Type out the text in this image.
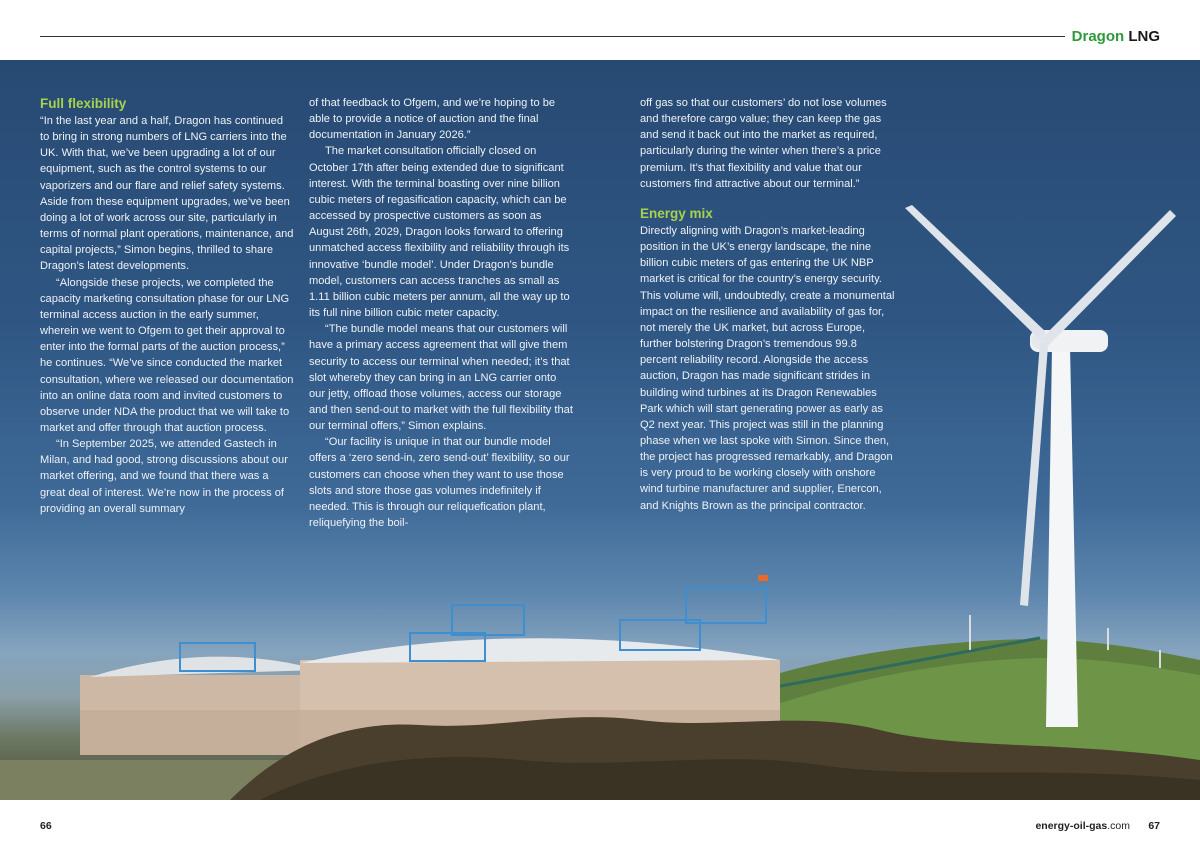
Dragon LNG
Full flexibility

“In the last year and a half, Dragon has continued to bring in strong numbers of LNG carriers into the UK. With that, we’ve been upgrading a lot of our equipment, such as the control systems to our vaporizers and our flare and relief safety systems. Aside from these equipment upgrades, we’ve been doing a lot of work across our site, particularly in terms of normal plant operations, maintenance, and capital projects,” Simon begins, thrilled to share Dragon’s latest developments.

“Alongside these projects, we completed the capacity marketing consultation phase for our LNG terminal access auction in the early summer, wherein we went to Ofgem to get their approval to enter into the formal parts of the auction process,” he continues. “We’ve since conducted the market consultation, where we released our documentation into an online data room and invited customers to observe under NDA the product that we will take to market and offer through that auction process.

“In September 2025, we attended Gastech in Milan, and had good, strong discussions about our market offering, and we found that there was a great deal of interest. We’re now in the process of providing an overall summary

of that feedback to Ofgem, and we’re hoping to be able to provide a notice of auction and the final documentation in January 2026.”

The market consultation officially closed on October 17th after being extended due to significant interest. With the terminal boasting over nine billion cubic meters of regasification capacity, which can be accessed by prospective customers as soon as August 26th, 2029, Dragon looks forward to offering unmatched access flexibility and reliability through its innovative ‘bundle model’. Under Dragon’s bundle model, customers can access tranches as small as 1.11 billion cubic meters per annum, all the way up to its full nine billion cubic meter capacity.

“The bundle model means that our customers will have a primary access agreement that will give them security to access our terminal when needed; it’s that slot whereby they can bring in an LNG carrier onto our jetty, offload those volumes, access our storage and then send-out to market with the full flexibility that our terminal offers,” Simon explains.

“Our facility is unique in that our bundle model offers a ‘zero send-in, zero send-out’ flexibility, so our customers can choose when they want to use those slots and store those gas volumes indefinitely if needed. This is through our reliquefication plant, reliquefying the boil-

off gas so that our customers’ do not lose volumes and therefore cargo value; they can keep the gas and send it back out into the market as required, particularly during the winter when there’s a price premium. It’s that flexibility and value that our customers find attractive about our terminal.”

Energy mix

Directly aligning with Dragon’s market-leading position in the UK’s energy landscape, the nine billion cubic meters of gas entering the UK NBP market is critical for the country’s energy security. This volume will, undoubtedly, create a monumental impact on the resilience and availability of gas for, not merely the UK market, but across Europe, further bolstering Dragon’s tremendous 99.8 percent reliability record. Alongside the access auction, Dragon has made significant strides in building wind turbines at its Dragon Renewables Park which will start generating power as early as Q2 next year. This project was still in the planning phase when we last spoke with Simon. Since then, the project has progressed remarkably, and Dragon is very proud to be working closely with onshore wind turbine manufacturer and supplier, Enercon, and Knights Brown as the principal contractor.

66	energy-oil-gas.com 67
